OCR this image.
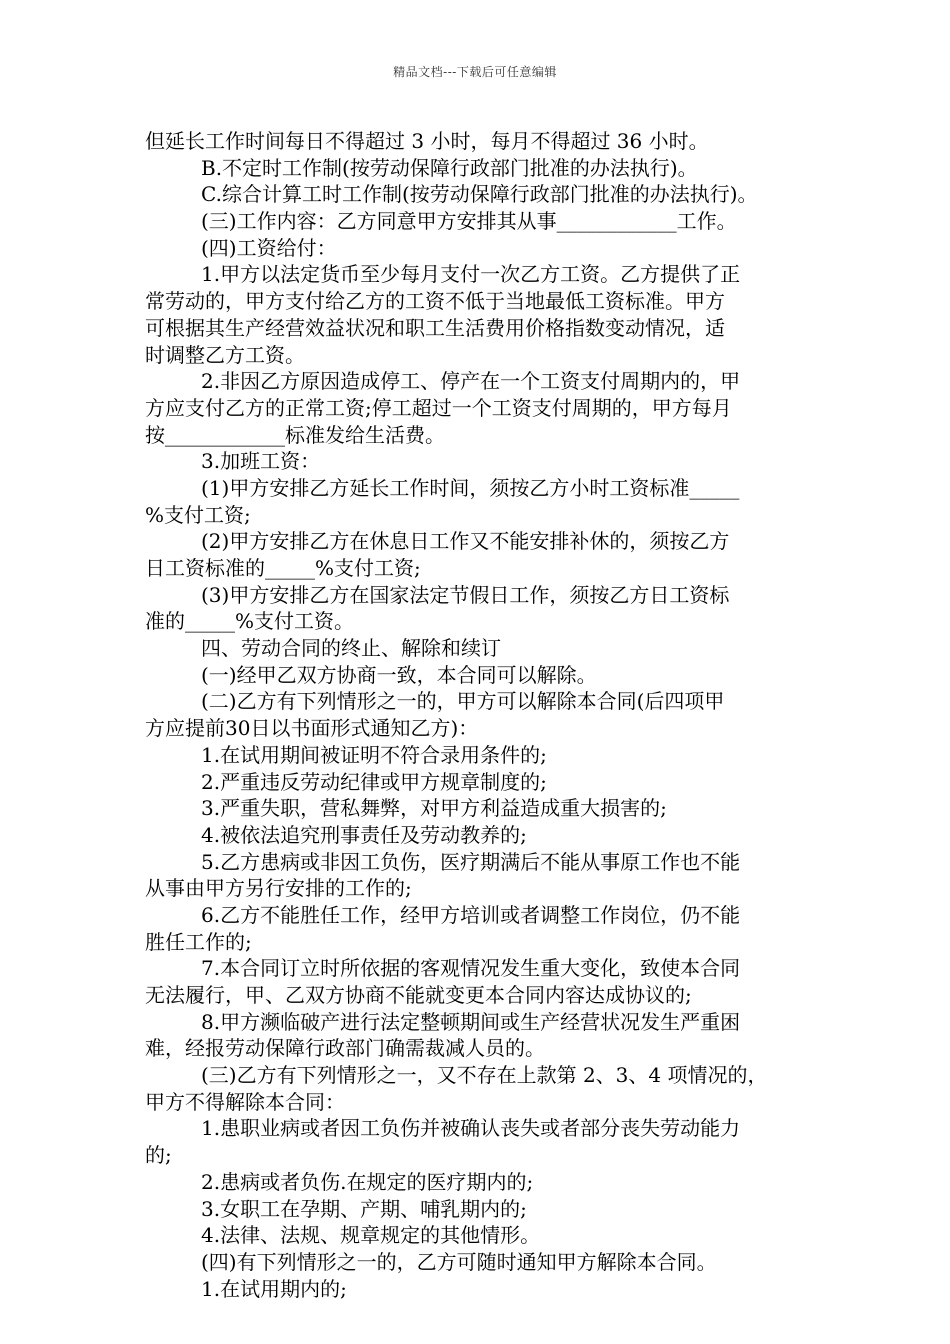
精品文档---下载后可任意编辑
但延长工作时间每日不得超过 3 小时，每月不得超过 36 小时。
B.不定时工作制(按劳动保障行政部门批准的办法执行)。
C.综合计算工时工作制(按劳动保障行政部门批准的办法执行)。
(三)工作内容：乙方同意甲方安排其从事____________工作。
(四)工资给付：
1.甲方以法定货币至少每月支付一次乙方工资。乙方提供了正
常劳动的，甲方支付给乙方的工资不低于当地最低工资标准。甲方
可根据其生产经营效益状况和职工生活费用价格指数变动情况，适
时调整乙方工资。
2.非因乙方原因造成停工、停产在一个工资支付周期内的，甲
方应支付乙方的正常工资;停工超过一个工资支付周期的，甲方每月
按____________标准发给生活费。
3.加班工资：
(1)甲方安排乙方延长工作时间，须按乙方小时工资标准_____
%支付工资;
(2)甲方安排乙方在休息日工作又不能安排补休的，须按乙方
日工资标准的_____%支付工资;
(3)甲方安排乙方在国家法定节假日工作，须按乙方日工资标
准的_____%支付工资。
四、劳动合同的终止、解除和续订
(一)经甲乙双方协商一致，本合同可以解除。
(二)乙方有下列情形之一的，甲方可以解除本合同(后四项甲
方应提前30日以书面形式通知乙方)：
1.在试用期间被证明不符合录用条件的;
2.严重违反劳动纪律或甲方规章制度的;
3.严重失职，营私舞弊，对甲方利益造成重大损害的;
4.被依法追究刑事责任及劳动教养的;
5.乙方患病或非因工负伤，医疗期满后不能从事原工作也不能
从事由甲方另行安排的工作的;
6.乙方不能胜任工作，经甲方培训或者调整工作岗位，仍不能
胜任工作的;
7.本合同订立时所依据的客观情况发生重大变化，致使本合同
无法履行，甲、乙双方协商不能就变更本合同内容达成协议的;
8.甲方濒临破产进行法定整顿期间或生产经营状况发生严重困
难，经报劳动保障行政部门确需裁减人员的。
(三)乙方有下列情形之一，又不存在上款第 2、3、4 项情况的，
甲方不得解除本合同：
1.患职业病或者因工负伤并被确认丧失或者部分丧失劳动能力
的;
2.患病或者负伤.在规定的医疗期内的;
3.女职工在孕期、产期、哺乳期内的;
4.法律、法规、规章规定的其他情形。
(四)有下列情形之一的，乙方可随时通知甲方解除本合同。
1.在试用期内的;
